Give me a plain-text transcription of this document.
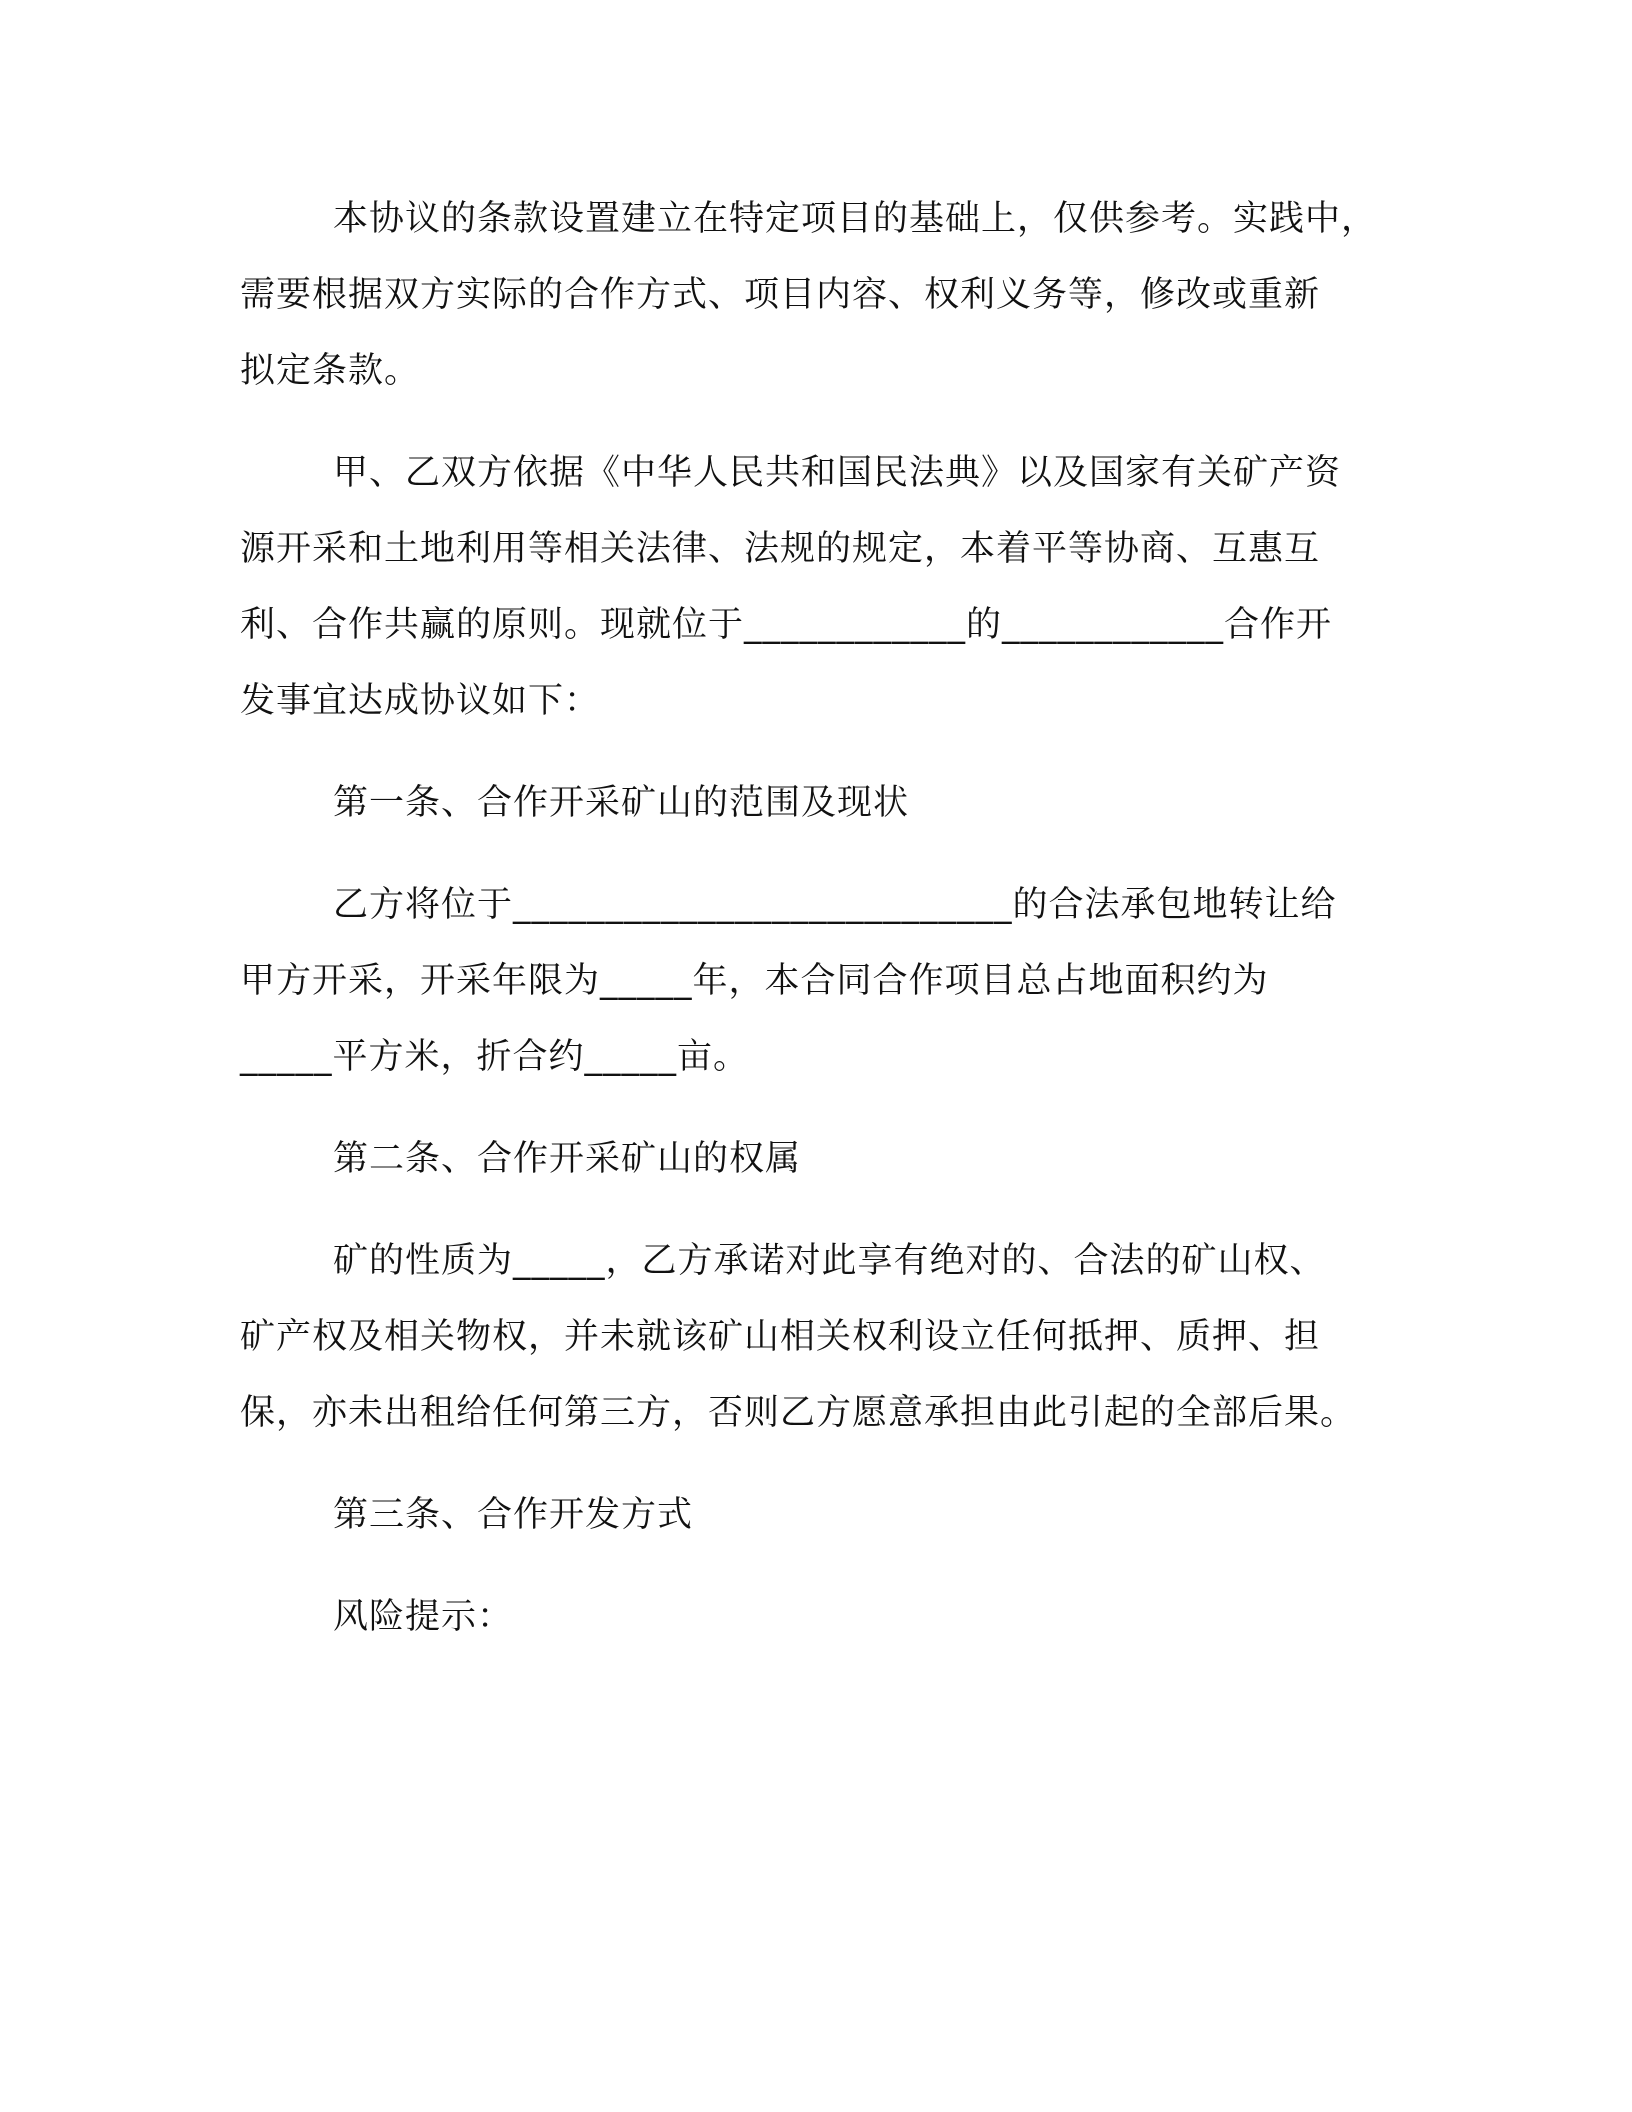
本协议的条款设置建立在特定项目的基础上，仅供参考。实践中，
需要根据双方实际的合作方式、项目内容、权利义务等，修改或重新
拟定条款。
甲、乙双方依据《中华人民共和国民法典》以及国家有关矿产资
源开采和土地利用等相关法律、法规的规定，本着平等协商、互惠互
利、合作共赢的原则。现就位于____________的____________合作开
发事宜达成协议如下：
第一条、合作开采矿山的范围及现状
乙方将位于___________________________的合法承包地转让给
甲方开采，开采年限为_____年，本合同合作项目总占地面积约为
_____平方米，折合约_____亩。
第二条、合作开采矿山的权属
矿的性质为_____，乙方承诺对此享有绝对的、合法的矿山权、
矿产权及相关物权，并未就该矿山相关权利设立任何抵押、质押、担
保，亦未出租给任何第三方，否则乙方愿意承担由此引起的全部后果。
第三条、合作开发方式
风险提示：
